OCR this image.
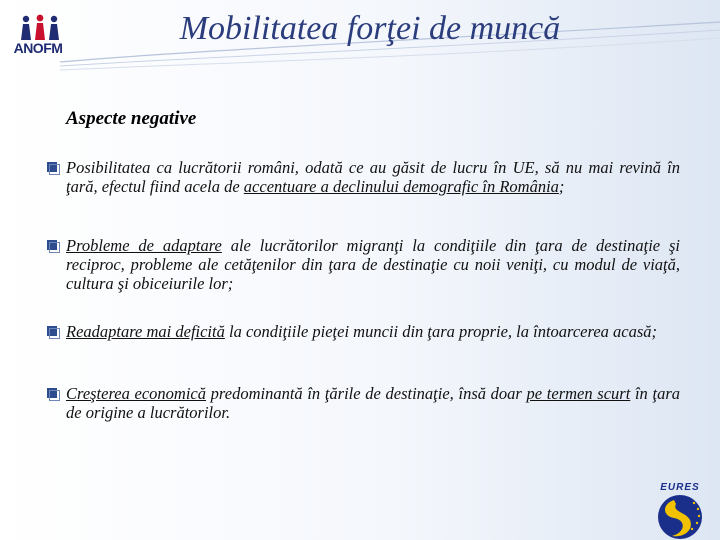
ANOFM
Mobilitatea forţei de muncă
Aspecte negative
Posibilitatea ca lucrătorii români, odată ce au găsit de lucru în UE, să nu mai revină în ţară, efectul fiind acela de accentuare a declinului demografic în România;
Probleme de adaptare ale lucrătorilor migranţi la condiţiile din ţara de destinaţie şi reciproc, probleme ale cetăţenilor din ţara de destinaţie cu noii veniţi, cu modul de viaţă, cultura şi obiceiurile lor;
Readaptare mai deficită la condiţiile pieţei muncii din ţara proprie, la întoarcerea acasă;
Creşterea economică predominantă în ţările de destinaţie, însă doar pe termen scurt în ţara de origine a lucrătorilor.
EURES
